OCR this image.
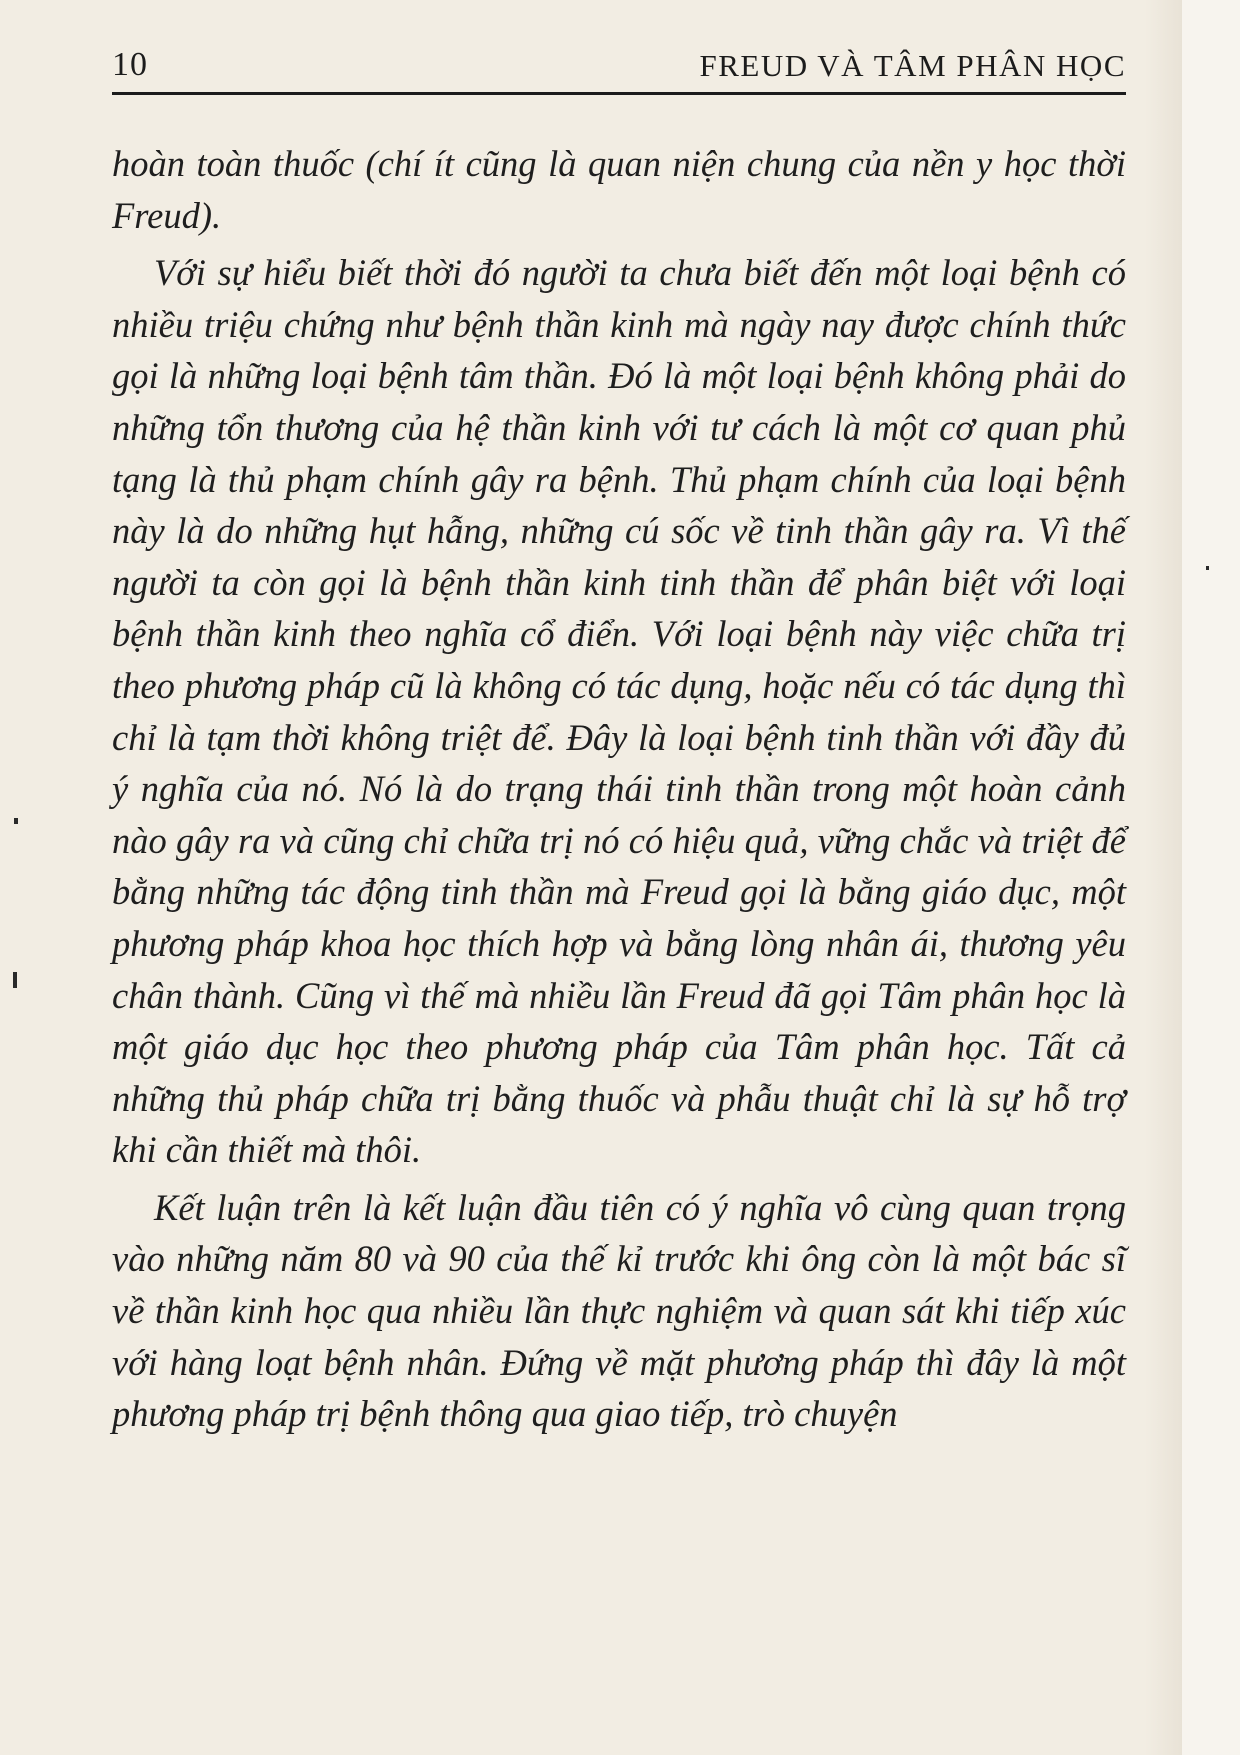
10	FREUD VÀ TÂM PHÂN HỌC

hoàn toàn thuốc (chí ít cũng là quan niện chung của nền y học thời Freud).

Với sự hiểu biết thời đó người ta chưa biết đến một loại bệnh có nhiều triệu chứng như bệnh thần kinh mà ngày nay được chính thức gọi là những loại bệnh tâm thần. Đó là một loại bệnh không phải do những tổn thương của hệ thần kinh với tư cách là một cơ quan phủ tạng là thủ phạm chính gây ra bệnh. Thủ phạm chính của loại bệnh này là do những hụt hẫng, những cú sốc về tinh thần gây ra. Vì thế người ta còn gọi là bệnh thần kinh tinh thần để phân biệt với loại bệnh thần kinh theo nghĩa cổ điển. Với loại bệnh này việc chữa trị theo phương pháp cũ là không có tác dụng, hoặc nếu có tác dụng thì chỉ là tạm thời không triệt để. Đây là loại bệnh tinh thần với đầy đủ ý nghĩa của nó. Nó là do trạng thái tinh thần trong một hoàn cảnh nào gây ra và cũng chỉ chữa trị nó có hiệu quả, vững chắc và triệt để bằng những tác động tinh thần mà Freud gọi là bằng giáo dục, một phương pháp khoa học thích hợp và bằng lòng nhân ái, thương yêu chân thành. Cũng vì thế mà nhiều lần Freud đã gọi Tâm phân học là một giáo dục học theo phương pháp của Tâm phân học. Tất cả những thủ pháp chữa trị bằng thuốc và phẫu thuật chỉ là sự hỗ trợ khi cần thiết mà thôi.

Kết luận trên là kết luận đầu tiên có ý nghĩa vô cùng quan trọng vào những năm 80 và 90 của thế kỉ trước khi ông còn là một bác sĩ về thần kinh học qua nhiều lần thực nghiệm và quan sát khi tiếp xúc với hàng loạt bệnh nhân. Đứng về mặt phương pháp thì đây là một phương pháp trị bệnh thông qua giao tiếp, trò chuyện
